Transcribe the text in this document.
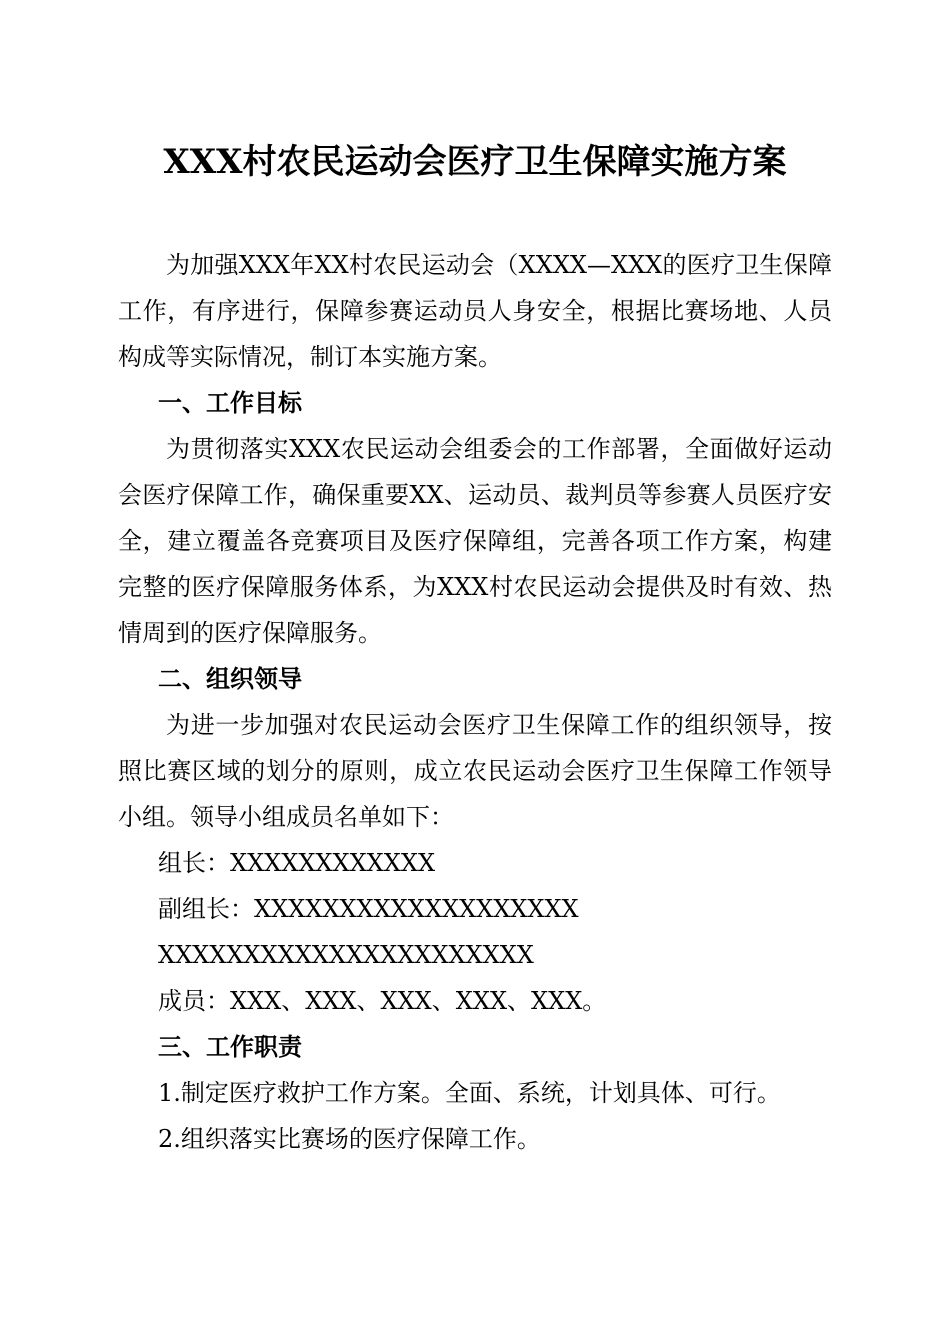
XXX村农民运动会医疗卫生保障实施方案

为加强XXX年XX村农民运动会（XXXX—XXX的医疗卫生保障工作，有序进行，保障参赛运动员人身安全，根据比赛场地、人员构成等实际情况，制订本实施方案。

一、工作目标

为贯彻落实XXX农民运动会组委会的工作部署，全面做好运动会医疗保障工作，确保重要XX、运动员、裁判员等参赛人员医疗安全，建立覆盖各竞赛项目及医疗保障组，完善各项工作方案，构建完整的医疗保障服务体系，为XXX村农民运动会提供及时有效、热情周到的医疗保障服务。

二、组织领导

为进一步加强对农民运动会医疗卫生保障工作的组织领导，按照比赛区域的划分的原则，成立农民运动会医疗卫生保障工作领导小组。领导小组成员名单如下：

组长：XXXXXXXXXXXX
副组长：XXXXXXXXXXXXXXXXXXX
XXXXXXXXXXXXXXXXXXXXXX
成员：XXX、XXX、XXX、XXX、XXX。
三、工作职责
1.制定医疗救护工作方案。全面、系统，计划具体、可行。
2.组织落实比赛场的医疗保障工作。
